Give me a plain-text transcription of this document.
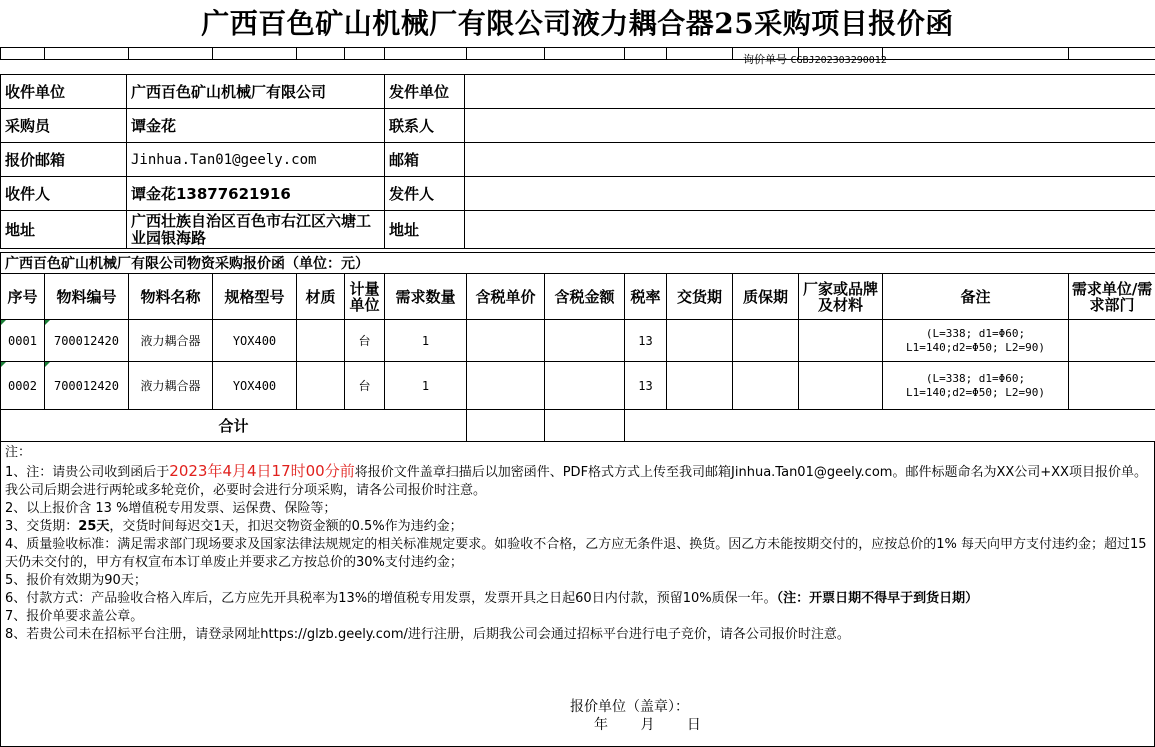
广西百色矿山机械厂有限公司液力耦合器25采购项目报价函

询价单号 CGBJ202303290012
收件单位	广西百色矿山机械厂有限公司	发件单位	
采购员	谭金花	联系人	
报价邮箱	Jinhua.Tan01@geely.com	邮箱	
收件人	谭金花13877621916	发件人	
地址	广西壮族自治区百色市右江区六塘工业园银海路	地址	
广西百色矿山机械厂有限公司物资采购报价函（单位：元）														
序号	物料编号	物料名称	规格型号	材质	计量单位	需求数量	含税单价	含税金额	税率	交货期	质保期	厂家或品牌及材料	备注	需求单位/需求部门
0001	700012420	液力耦合器	YOX400		台	1			13				(L=338; d1=Φ60; L1=140;d2=Φ50; L2=90)	
0002	700012420	液力耦合器	YOX400		台	1			13				(L=338; d1=Φ60; L1=140;d2=Φ50; L2=90)	
合计														

注：

1、注：请贵公司收到函后于2023年4月4日17时00分前将报价文件盖章扫描后以加密函件、PDF格式方式上传至我司邮箱Jinhua.Tan01@geely.com。邮件标题命名为XX公司+XX项目报价单。我公司后期会进行两轮或多轮竞价，必要时会进行分项采购，请各公司报价时注意。

2、以上报价含 13 %增值税专用发票、运保费、保险等；

3、交货期：25天，交货时间每迟交1天，扣迟交物资金额的0.5%作为违约金；

4、质量验收标准：满足需求部门现场要求及国家法律法规规定的相关标准规定要求。如验收不合格，乙方应无条件退、换货。因乙方未能按期交付的，应按总价的1% 每天向甲方支付违约金；超过15天仍未交付的，甲方有权宣布本订单废止并要求乙方按总价的30%支付违约金；

5、报价有效期为90天；

6、付款方式：产品验收合格入库后，乙方应先开具税率为13%的增值税专用发票，发票开具之日起60日内付款，预留10%质保一年。（注：开票日期不得早于到货日期）

7、报价单要求盖公章。

8、若贵公司未在招标平台注册，请登录网址https://glzb.geely.com/进行注册，后期我公司会通过招标平台进行电子竞价，请各公司报价时注意。

报价单位（盖章）：
年 月 日
